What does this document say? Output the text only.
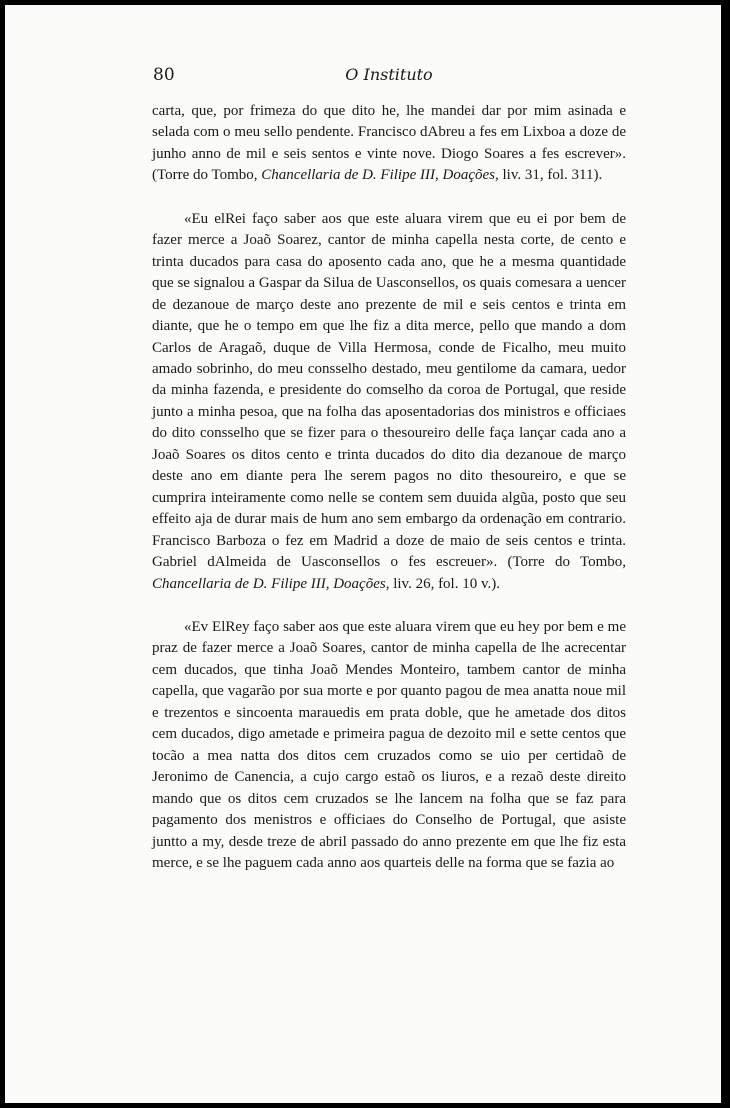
80	O Instituto

carta, que, por frimeza do que dito he, lhe mandei dar por mim asinada e selada com o meu sello pendente. Francisco dAbreu a fes em Lixboa a doze de junho anno de mil e seis sentos e vinte nove. Diogo Soares a fes escrever». (Torre do Tombo, Chancellaria de D. Filipe III, Doações, liv. 31, fol. 311).

«Eu elRei faço saber aos que este aluara virem que eu ei por bem de fazer merce a Joaõ Soarez, cantor de minha capella nesta corte, de cento e trinta ducados para casa do aposento cada ano, que he a mesma quantidade que se signalou a Gaspar da Silua de Uasconsellos, os quais comesara a uencer de dezanoue de março deste ano prezente de mil e seis centos e trinta em diante, que he o tempo em que lhe fiz a dita merce, pello que mando a dom Carlos de Aragaõ, duque de Villa Hermosa, conde de Ficalho, meu muito amado sobrinho, do meu consselho destado, meu gentilome da camara, uedor da minha fazenda, e presidente do comselho da coroa de Portugal, que reside junto a minha pesoa, que na folha das aposentadorias dos ministros e officiaes do dito consselho que se fizer para o thesoureiro delle faça lançar cada ano a Joaõ Soares os ditos cento e trinta ducados do dito dia dezanoue de março deste ano em diante pera lhe serem pagos no dito thesoureiro, e que se cumprira inteiramente como nelle se contem sem duuida algũa, posto que seu effeito aja de durar mais de hum ano sem embargo da ordenação em contrario. Francisco Barboza o fez em Madrid a doze de maio de seis centos e trinta. Gabriel dAlmeida de Uasconsellos o fes escreuer». (Torre do Tombo, Chancellaria de D. Filipe III, Doações, liv. 26, fol. 10 v.).

«Ev ElRey faço saber aos que este aluara virem que eu hey por bem e me praz de fazer merce a Joaõ Soares, cantor de minha capella de lhe acrecentar cem ducados, que tinha Joaõ Mendes Monteiro, tambem cantor de minha capella, que vagarão por sua morte e por quanto pagou de mea anatta noue mil e trezentos e sincoenta marauedis em prata doble, que he ametade dos ditos cem ducados, digo ametade e primeira pagua de dezoito mil e sette centos que tocão a mea natta dos ditos cem cruzados como se uio per certidaõ de Jeronimo de Canencia, a cujo cargo estaõ os liuros, e a rezaõ deste direito mando que os ditos cem cruzados se lhe lancem na folha que se faz para pagamento dos menistros e officiaes do Conselho de Portugal, que asiste juntto a my, desde treze de abril passado do anno prezente em que lhe fiz esta merce, e se lhe paguem cada anno aos quarteis delle na forma que se fazia ao
